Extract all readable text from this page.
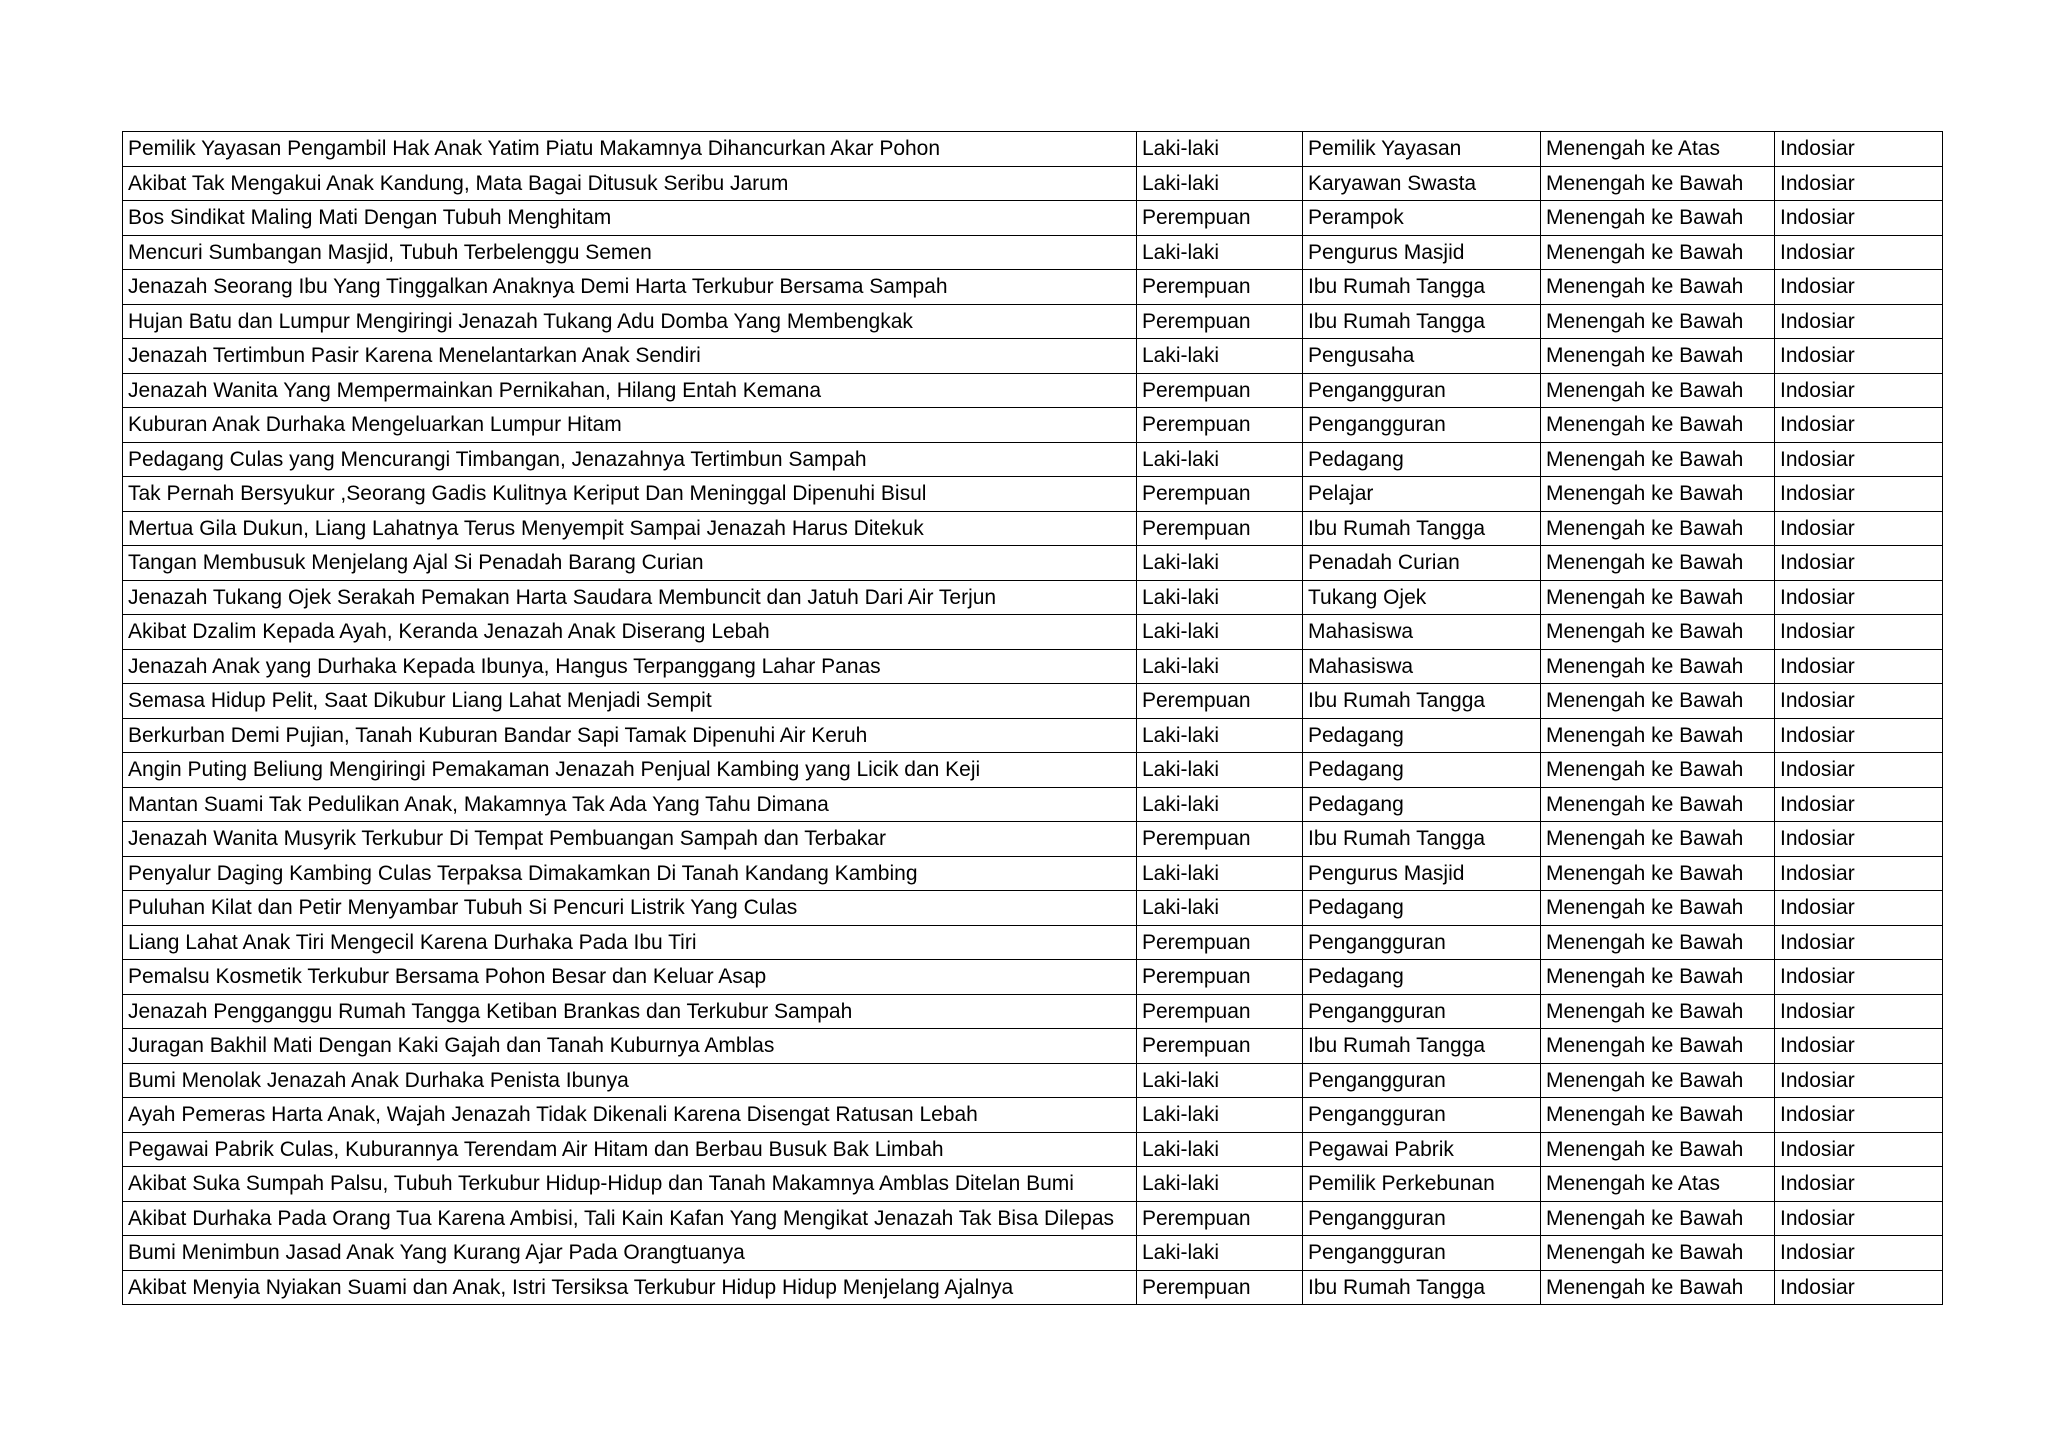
Pemilik Yayasan Pengambil Hak Anak Yatim Piatu Makamnya Dihancurkan Akar Pohon	Laki-laki	Pemilik Yayasan	Menengah ke Atas	Indosiar
Akibat Tak Mengakui Anak Kandung, Mata Bagai Ditusuk Seribu Jarum	Laki-laki	Karyawan Swasta	Menengah ke Bawah	Indosiar
Bos Sindikat Maling Mati Dengan Tubuh Menghitam	Perempuan	Perampok	Menengah ke Bawah	Indosiar
Mencuri Sumbangan Masjid, Tubuh Terbelenggu Semen	Laki-laki	Pengurus Masjid	Menengah ke Bawah	Indosiar
Jenazah Seorang Ibu Yang Tinggalkan Anaknya Demi Harta Terkubur Bersama Sampah	Perempuan	Ibu Rumah Tangga	Menengah ke Bawah	Indosiar
Hujan Batu dan Lumpur Mengiringi Jenazah Tukang Adu Domba Yang Membengkak	Perempuan	Ibu Rumah Tangga	Menengah ke Bawah	Indosiar
Jenazah Tertimbun Pasir Karena Menelantarkan Anak Sendiri	Laki-laki	Pengusaha	Menengah ke Bawah	Indosiar
Jenazah Wanita Yang Mempermainkan Pernikahan, Hilang Entah Kemana	Perempuan	Pengangguran	Menengah ke Bawah	Indosiar
Kuburan Anak Durhaka Mengeluarkan Lumpur Hitam	Perempuan	Pengangguran	Menengah ke Bawah	Indosiar
Pedagang Culas yang Mencurangi Timbangan, Jenazahnya Tertimbun Sampah	Laki-laki	Pedagang	Menengah ke Bawah	Indosiar
Tak Pernah Bersyukur ,Seorang Gadis Kulitnya Keriput Dan Meninggal Dipenuhi Bisul	Perempuan	Pelajar	Menengah ke Bawah	Indosiar
Mertua Gila Dukun, Liang Lahatnya Terus Menyempit Sampai Jenazah Harus Ditekuk	Perempuan	Ibu Rumah Tangga	Menengah ke Bawah	Indosiar
Tangan Membusuk Menjelang Ajal Si Penadah Barang Curian	Laki-laki	Penadah Curian	Menengah ke Bawah	Indosiar
Jenazah Tukang Ojek Serakah Pemakan Harta Saudara Membuncit dan Jatuh Dari Air Terjun	Laki-laki	Tukang Ojek	Menengah ke Bawah	Indosiar
Akibat Dzalim Kepada Ayah, Keranda Jenazah Anak Diserang Lebah	Laki-laki	Mahasiswa	Menengah ke Bawah	Indosiar
Jenazah Anak yang Durhaka Kepada Ibunya, Hangus Terpanggang Lahar Panas	Laki-laki	Mahasiswa	Menengah ke Bawah	Indosiar
Semasa Hidup Pelit, Saat Dikubur Liang Lahat Menjadi Sempit	Perempuan	Ibu Rumah Tangga	Menengah ke Bawah	Indosiar
Berkurban Demi Pujian, Tanah Kuburan Bandar Sapi Tamak Dipenuhi Air Keruh	Laki-laki	Pedagang	Menengah ke Bawah	Indosiar
Angin Puting Beliung Mengiringi Pemakaman Jenazah Penjual Kambing yang Licik dan Keji	Laki-laki	Pedagang	Menengah ke Bawah	Indosiar
Mantan Suami Tak Pedulikan Anak, Makamnya Tak Ada Yang Tahu Dimana	Laki-laki	Pedagang	Menengah ke Bawah	Indosiar
Jenazah Wanita Musyrik Terkubur Di Tempat Pembuangan Sampah dan Terbakar	Perempuan	Ibu Rumah Tangga	Menengah ke Bawah	Indosiar
Penyalur Daging Kambing Culas Terpaksa Dimakamkan Di Tanah Kandang Kambing	Laki-laki	Pengurus Masjid	Menengah ke Bawah	Indosiar
Puluhan Kilat dan Petir Menyambar Tubuh Si Pencuri Listrik Yang Culas	Laki-laki	Pedagang	Menengah ke Bawah	Indosiar
Liang Lahat Anak Tiri Mengecil Karena Durhaka Pada Ibu Tiri	Perempuan	Pengangguran	Menengah ke Bawah	Indosiar
Pemalsu Kosmetik Terkubur Bersama Pohon Besar dan Keluar Asap	Perempuan	Pedagang	Menengah ke Bawah	Indosiar
Jenazah Pengganggu Rumah Tangga Ketiban Brankas dan Terkubur Sampah	Perempuan	Pengangguran	Menengah ke Bawah	Indosiar
Juragan Bakhil Mati Dengan Kaki Gajah dan Tanah Kuburnya Amblas	Perempuan	Ibu Rumah Tangga	Menengah ke Bawah	Indosiar
Bumi Menolak Jenazah Anak Durhaka Penista Ibunya	Laki-laki	Pengangguran	Menengah ke Bawah	Indosiar
Ayah Pemeras Harta Anak, Wajah Jenazah Tidak Dikenali Karena Disengat Ratusan Lebah	Laki-laki	Pengangguran	Menengah ke Bawah	Indosiar
Pegawai Pabrik Culas, Kuburannya Terendam Air Hitam dan Berbau Busuk Bak Limbah	Laki-laki	Pegawai Pabrik	Menengah ke Bawah	Indosiar
Akibat Suka Sumpah Palsu, Tubuh Terkubur Hidup-Hidup dan Tanah Makamnya Amblas Ditelan Bumi	Laki-laki	Pemilik Perkebunan	Menengah ke Atas	Indosiar
Akibat Durhaka Pada Orang Tua Karena Ambisi, Tali Kain Kafan Yang Mengikat Jenazah Tak Bisa Dilepas	Perempuan	Pengangguran	Menengah ke Bawah	Indosiar
Bumi Menimbun Jasad Anak Yang Kurang Ajar Pada Orangtuanya	Laki-laki	Pengangguran	Menengah ke Bawah	Indosiar
Akibat Menyia Nyiakan Suami dan Anak, Istri Tersiksa Terkubur Hidup Hidup Menjelang Ajalnya	Perempuan	Ibu Rumah Tangga	Menengah ke Bawah	Indosiar
